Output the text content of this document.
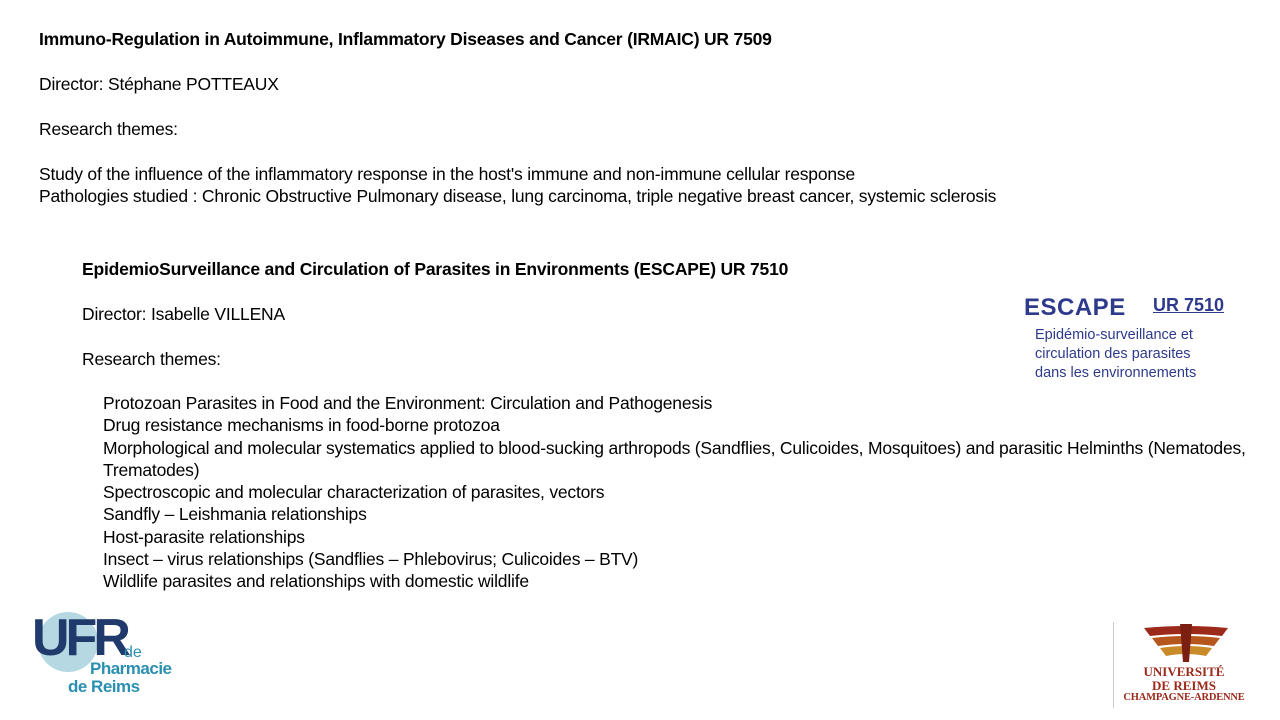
Immuno-Regulation in Autoimmune, Inflammatory Diseases and Cancer (IRMAIC) UR 7509
Director: Stéphane POTTEAUX
Research themes:
Study of the influence of the inflammatory response in the host's immune and non-immune cellular response
Pathologies studied : Chronic Obstructive Pulmonary disease, lung carcinoma, triple negative breast cancer, systemic sclerosis
EpidemioSurveillance and Circulation of Parasites in Environments (ESCAPE) UR 7510
Director: Isabelle VILLENA
Research themes:
Protozoan Parasites in Food and the Environment: Circulation and Pathogenesis
Drug resistance mechanisms in food-borne protozoa
Morphological and molecular systematics applied to blood-sucking arthropods (Sandflies, Culicoides, Mosquitoes) and parasitic Helminths (Nematodes, Trematodes)
Spectroscopic and molecular characterization of parasites, vectors
Sandfly – Leishmania relationships
Host-parasite relationships
Insect – virus relationships (Sandflies – Phlebovirus; Culicoides – BTV)
Wildlife parasites and relationships with domestic wildlife
ESCAPE UR 7510
Epidémio-surveillance et
circulation des parasites
dans les environnements
UFR
de
Pharmacie
de Reims
UNIVERSITÉ
DE REIMS
CHAMPAGNE-ARDENNE
